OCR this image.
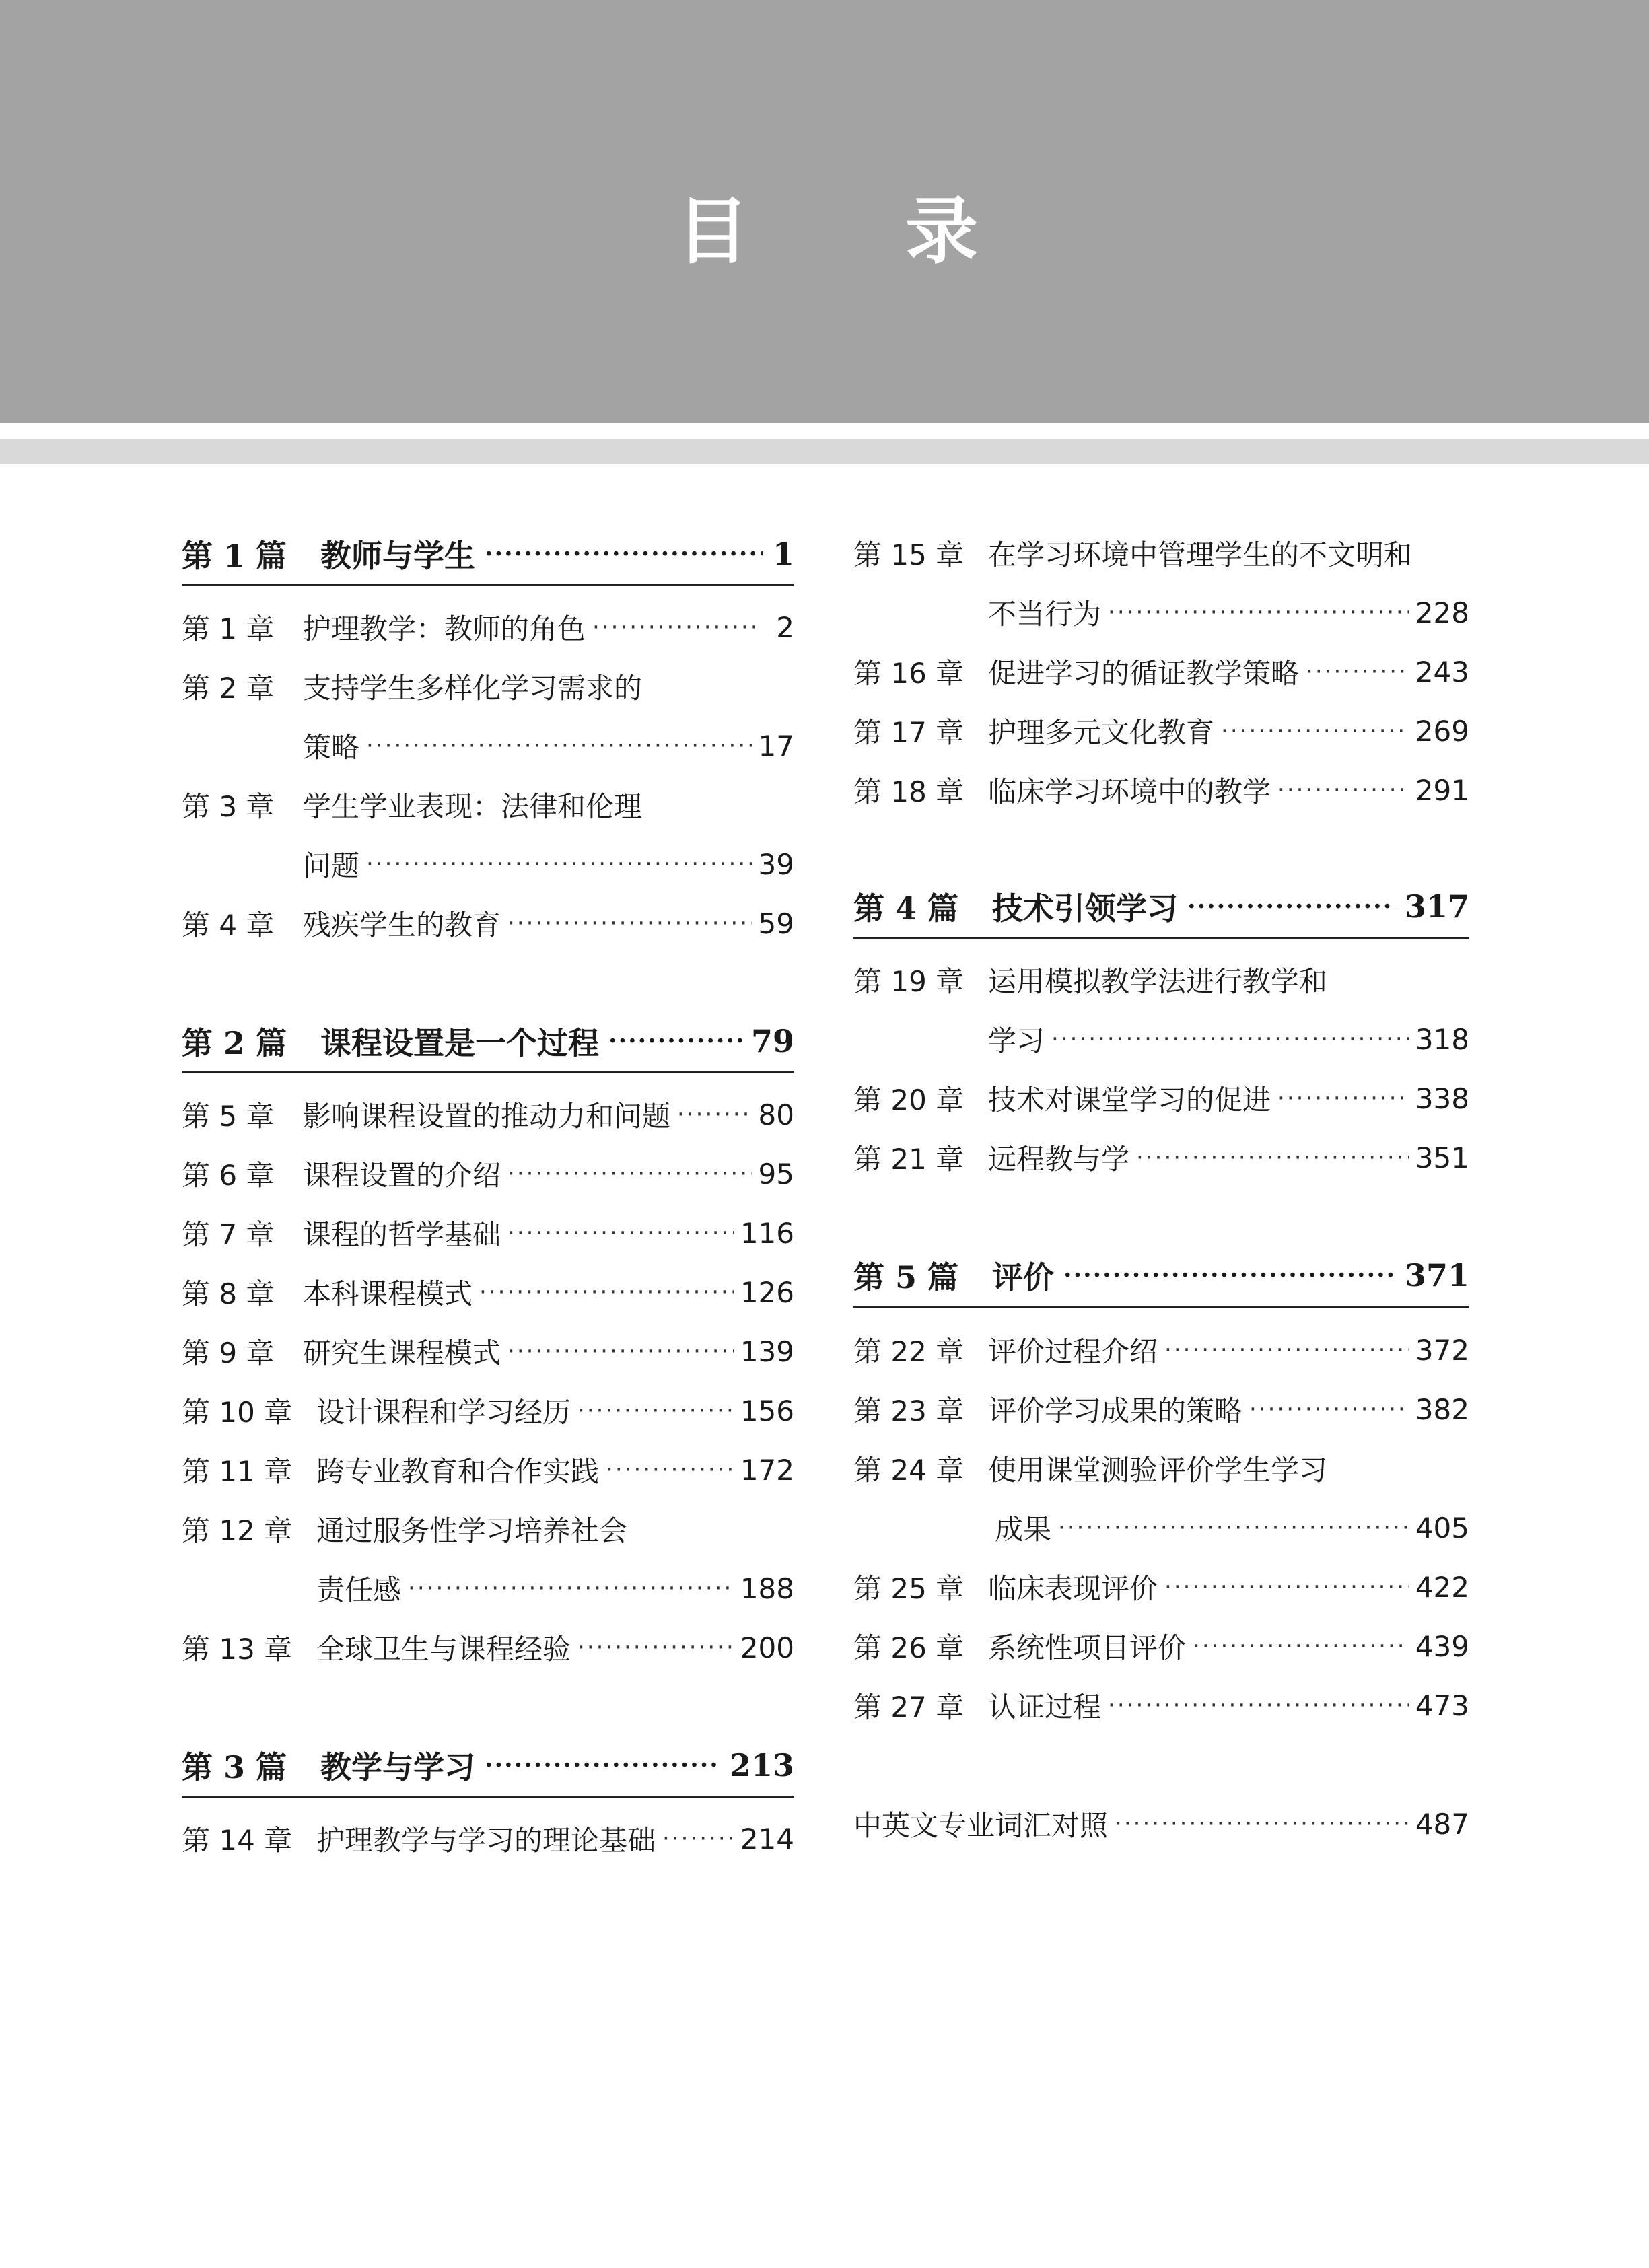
目 录
第 1 篇 教师与学生 ·····	1
第 1 章	护理教学：教师的角色 ·····	2
第 2 章	支持学生多样化学习需求的
策略 ·····	17
第 3 章	学生学业表现：法律和伦理
问题 ·····	39
第 4 章	残疾学生的教育 ·····	59
第 2 篇 课程设置是一个过程 ·····	79
第 5 章	影响课程设置的推动力和问题 ·····	80
第 6 章	课程设置的介绍 ·····	95
第 7 章	课程的哲学基础 ·····	116
第 8 章	本科课程模式 ·····	126
第 9 章	研究生课程模式 ·····	139
第 10 章 设计课程和学习经历 ·····	156
第 11 章 跨专业教育和合作实践 ·····	172
第 12 章 通过服务性学习培养社会
责任感 ·····	188
第 13 章 全球卫生与课程经验 ·····	200
第 3 篇 教学与学习 ·····	213
第 14 章 护理教学与学习的理论基础 ·····	214
第 15 章 在学习环境中管理学生的不文明和
不当行为 ·····	228
第 16 章 促进学习的循证教学策略 ·····	243
第 17 章 护理多元文化教育 ·····	269
第 18 章 临床学习环境中的教学 ·····	291
第 4 篇 技术引领学习 ·····	317
第 19 章 运用模拟教学法进行教学和
学习 ·····	318
第 20 章 技术对课堂学习的促进 ·····	338
第 21 章 远程教与学 ·····	351
第 5 篇 评价 ·····	371
第 22 章 评价过程介绍 ·····	372
第 23 章 评价学习成果的策略 ·····	382
第 24 章 使用课堂测验评价学生学习
成果 ·····	405
第 25 章 临床表现评价 ·····	422
第 26 章 系统性项目评价 ·····	439
第 27 章 认证过程 ·····	473
中英文专业词汇对照 ·····	487
